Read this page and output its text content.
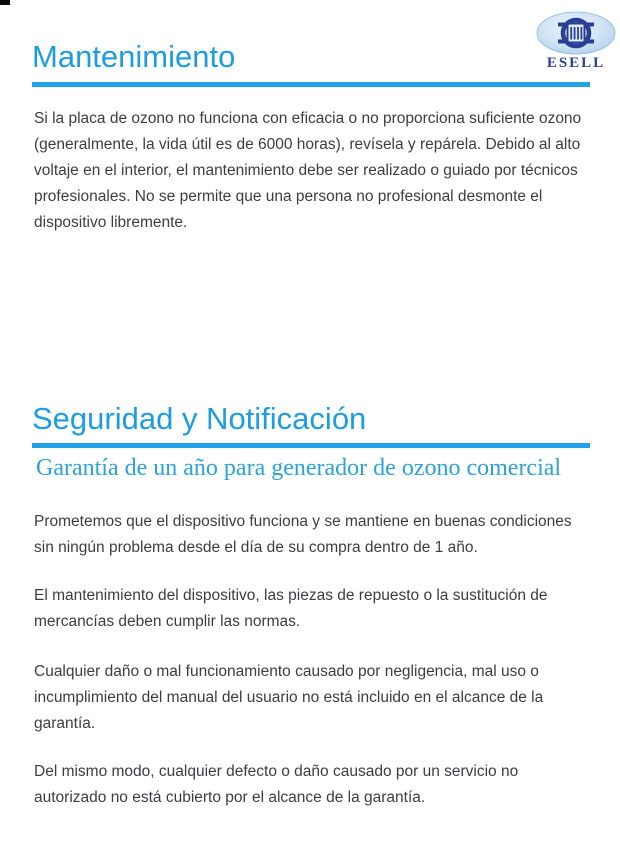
ESELL
Mantenimiento
Si la placa de ozono no funciona con eficacia o no proporciona suficiente ozono (generalmente, la vida útil es de 6000 horas), revísela y repárela. Debido al alto voltaje en el interior, el mantenimiento debe ser realizado o guiado por técnicos profesionales. No se permite que una persona no profesional desmonte el dispositivo libremente.
Seguridad y Notificación
Garantía de un año para generador de ozono comercial
Prometemos que el dispositivo funciona y se mantiene en buenas condiciones sin ningún problema desde el día de su compra dentro de 1 año.
El mantenimiento del dispositivo, las piezas de repuesto o la sustitución de mercancías deben cumplir las normas.
Cualquier daño o mal funcionamiento causado por negligencia, mal uso o incumplimiento del manual del usuario no está incluido en el alcance de la garantía.
Del mismo modo, cualquier defecto o daño causado por un servicio no autorizado no está cubierto por el alcance de la garantía.
